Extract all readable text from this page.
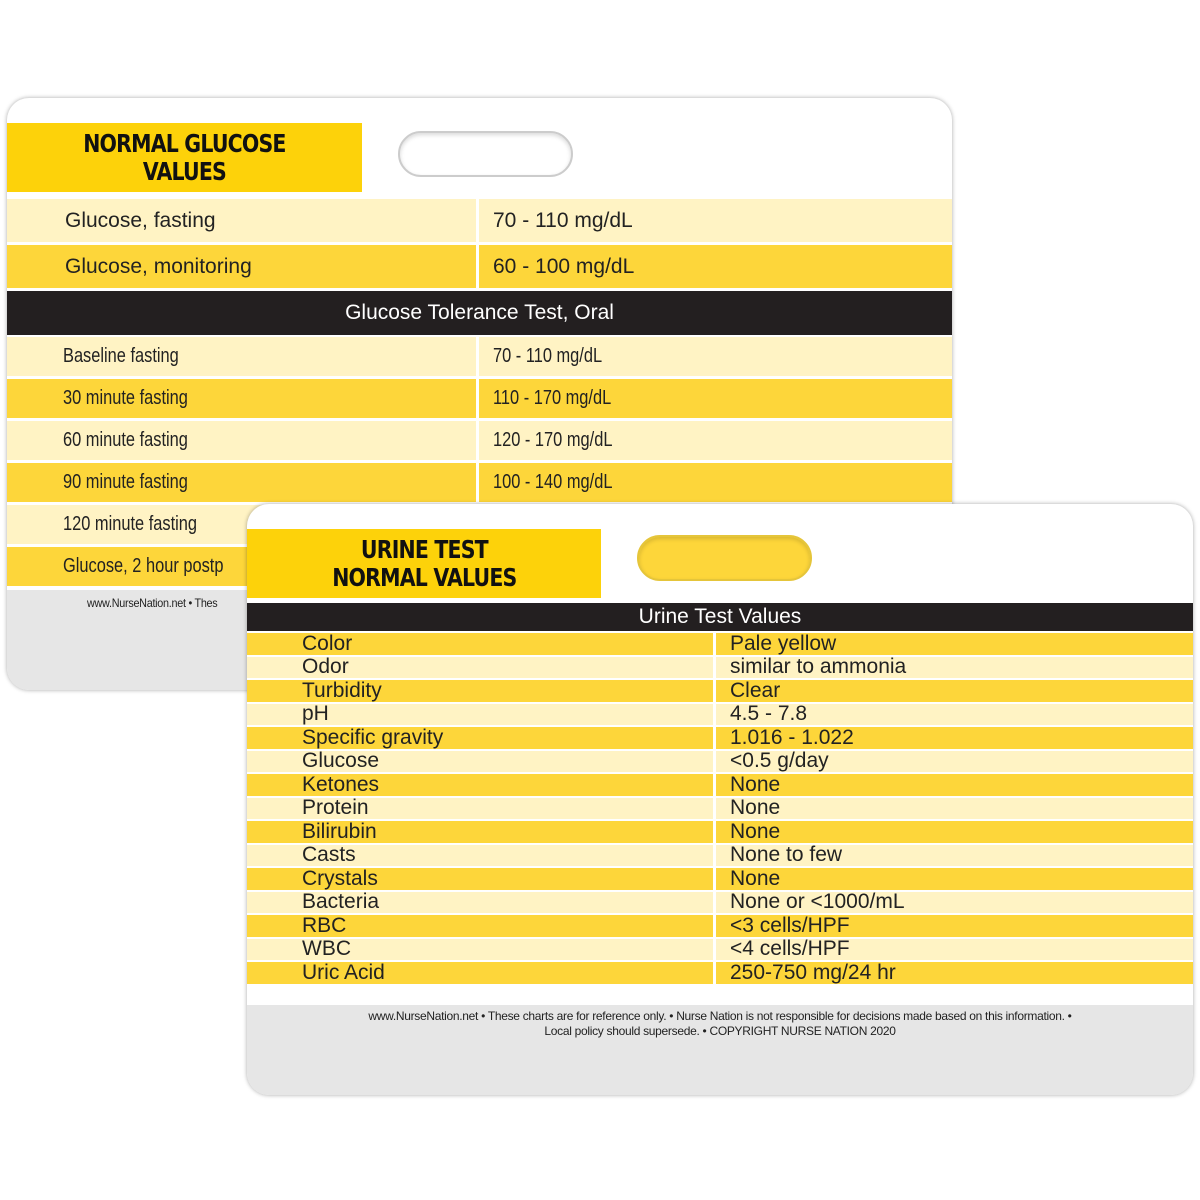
NORMAL GLUCOSE
VALUES
Glucose, fasting	70 - 110 mg/dL
Glucose, monitoring	60 - 100 mg/dL
Glucose Tolerance Test, Oral
Baseline fasting	70 - 110 mg/dL
30 minute fasting	110 - 170 mg/dL
60 minute fasting	120 - 170 mg/dL
90 minute fasting	100 - 140 mg/dL
120 minute fasting
Glucose, 2 hour postp
www.NurseNation.net • Thes
URINE TEST
NORMAL VALUES
Urine Test Values
Color	Pale yellow
Odor	similar to ammonia
Turbidity	Clear
pH	4.5 - 7.8
Specific gravity	1.016 - 1.022
Glucose	<0.5 g/day
Ketones	None
Protein	None
Bilirubin	None
Casts	None to few
Crystals	None
Bacteria	None or <1000/mL
RBC	<3 cells/HPF
WBC	<4 cells/HPF
Uric Acid	250-750 mg/24 hr
www.NurseNation.net • These charts are for reference only. • Nurse Nation is not responsible for decisions made based on this information. •
Local policy should supersede. • COPYRIGHT NURSE NATION 2020
